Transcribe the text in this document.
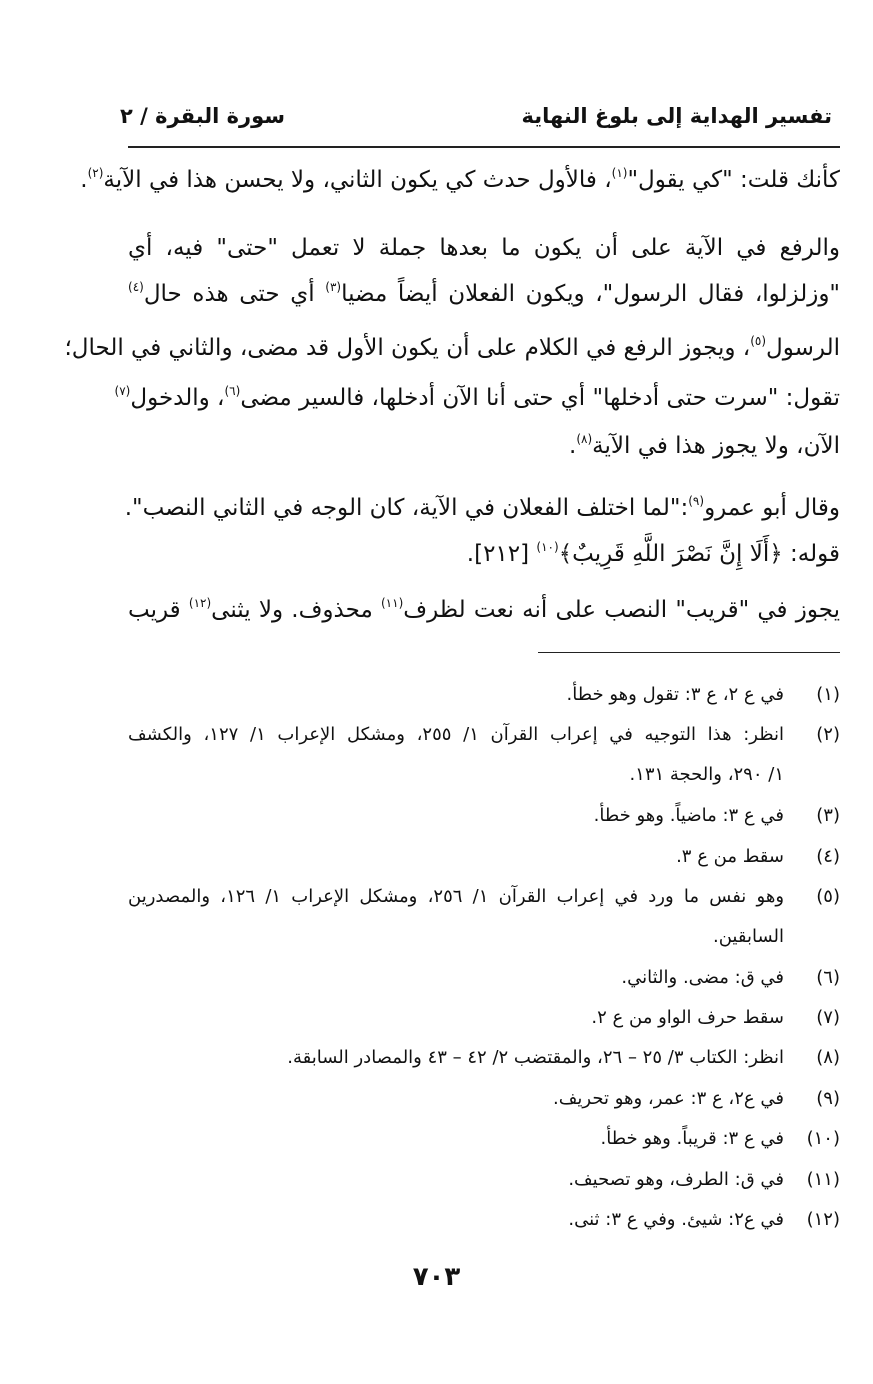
تفسير الهداية إلى بلوغ النهاية
سورة البقرة / ٢
كأنك قلت: "كي يقول"$^{(١)}$، فالأول حدث كي يكون الثاني، ولا يحسن هذا في الآية$^{(٢)}$.
والرفع في الآية على أن يكون ما بعدها جملة لا تعمل "حتى" فيه، أي
"وزلزلوا، فقال الرسول"، ويكون الفعلان أيضاً مضيا$^{(٣)}$ أي حتى هذه حال$^{(٤)}$
الرسول$^{(٥)}$، ويجوز الرفع في الكلام على أن يكون الأول قد مضى، والثاني في الحال؛
تقول: "سرت حتى أدخلها" أي حتى أنا الآن أدخلها، فالسير مضى$^{(٦)}$، والدخول$^{(٧)}$
الآن، ولا يجوز هذا في الآية$^{(٨)}$.
وقال أبو عمرو$^{(٩)}$:"لما اختلف الفعلان في الآية، كان الوجه في الثاني النصب".
قوله: ﴿أَلَا إِنَّ نَصْرَ اللَّهِ قَرِيبٌ﴾$^{(١٠)}$ [٢١٢].
يجوز في "قريب" النصب على أنه نعت لظرف$^{(١١)}$ محذوف. ولا يثنى$^{(١٢)}$ قريب
(١)
في ع ٢، ع ٣: تقول وهو خطأ.
(٢)
انظر: هذا التوجيه في إعراب القرآن ١/ ٢٥٥، ومشكل الإعراب ١/ ١٢٧، والكشف
١/ ٢٩٠، والحجة ١٣١.
(٣)
في ع ٣: ماضياً. وهو خطأ.
(٤)
سقط من ع ٣.
(٥)
وهو نفس ما ورد في إعراب القرآن ١/ ٢٥٦، ومشكل الإعراب ١/ ١٢٦، والمصدرين
السابقين.
(٦)
في ق: مضى. والثاني.
(٧)
سقط حرف الواو من ع ٢.
(٨)
انظر: الكتاب ٣/ ٢٥ – ٢٦، والمقتضب ٢/ ٤٢ – ٤٣ والمصادر السابقة.
(٩)
في ع٢، ع ٣: عمر، وهو تحريف.
(١٠)
في ع ٣: قريباً. وهو خطأ.
(١١)
في ق: الطرف، وهو تصحيف.
(١٢)
في ع٢: شيئ. وفي ع ٣: ثنى.
٧٠٣
